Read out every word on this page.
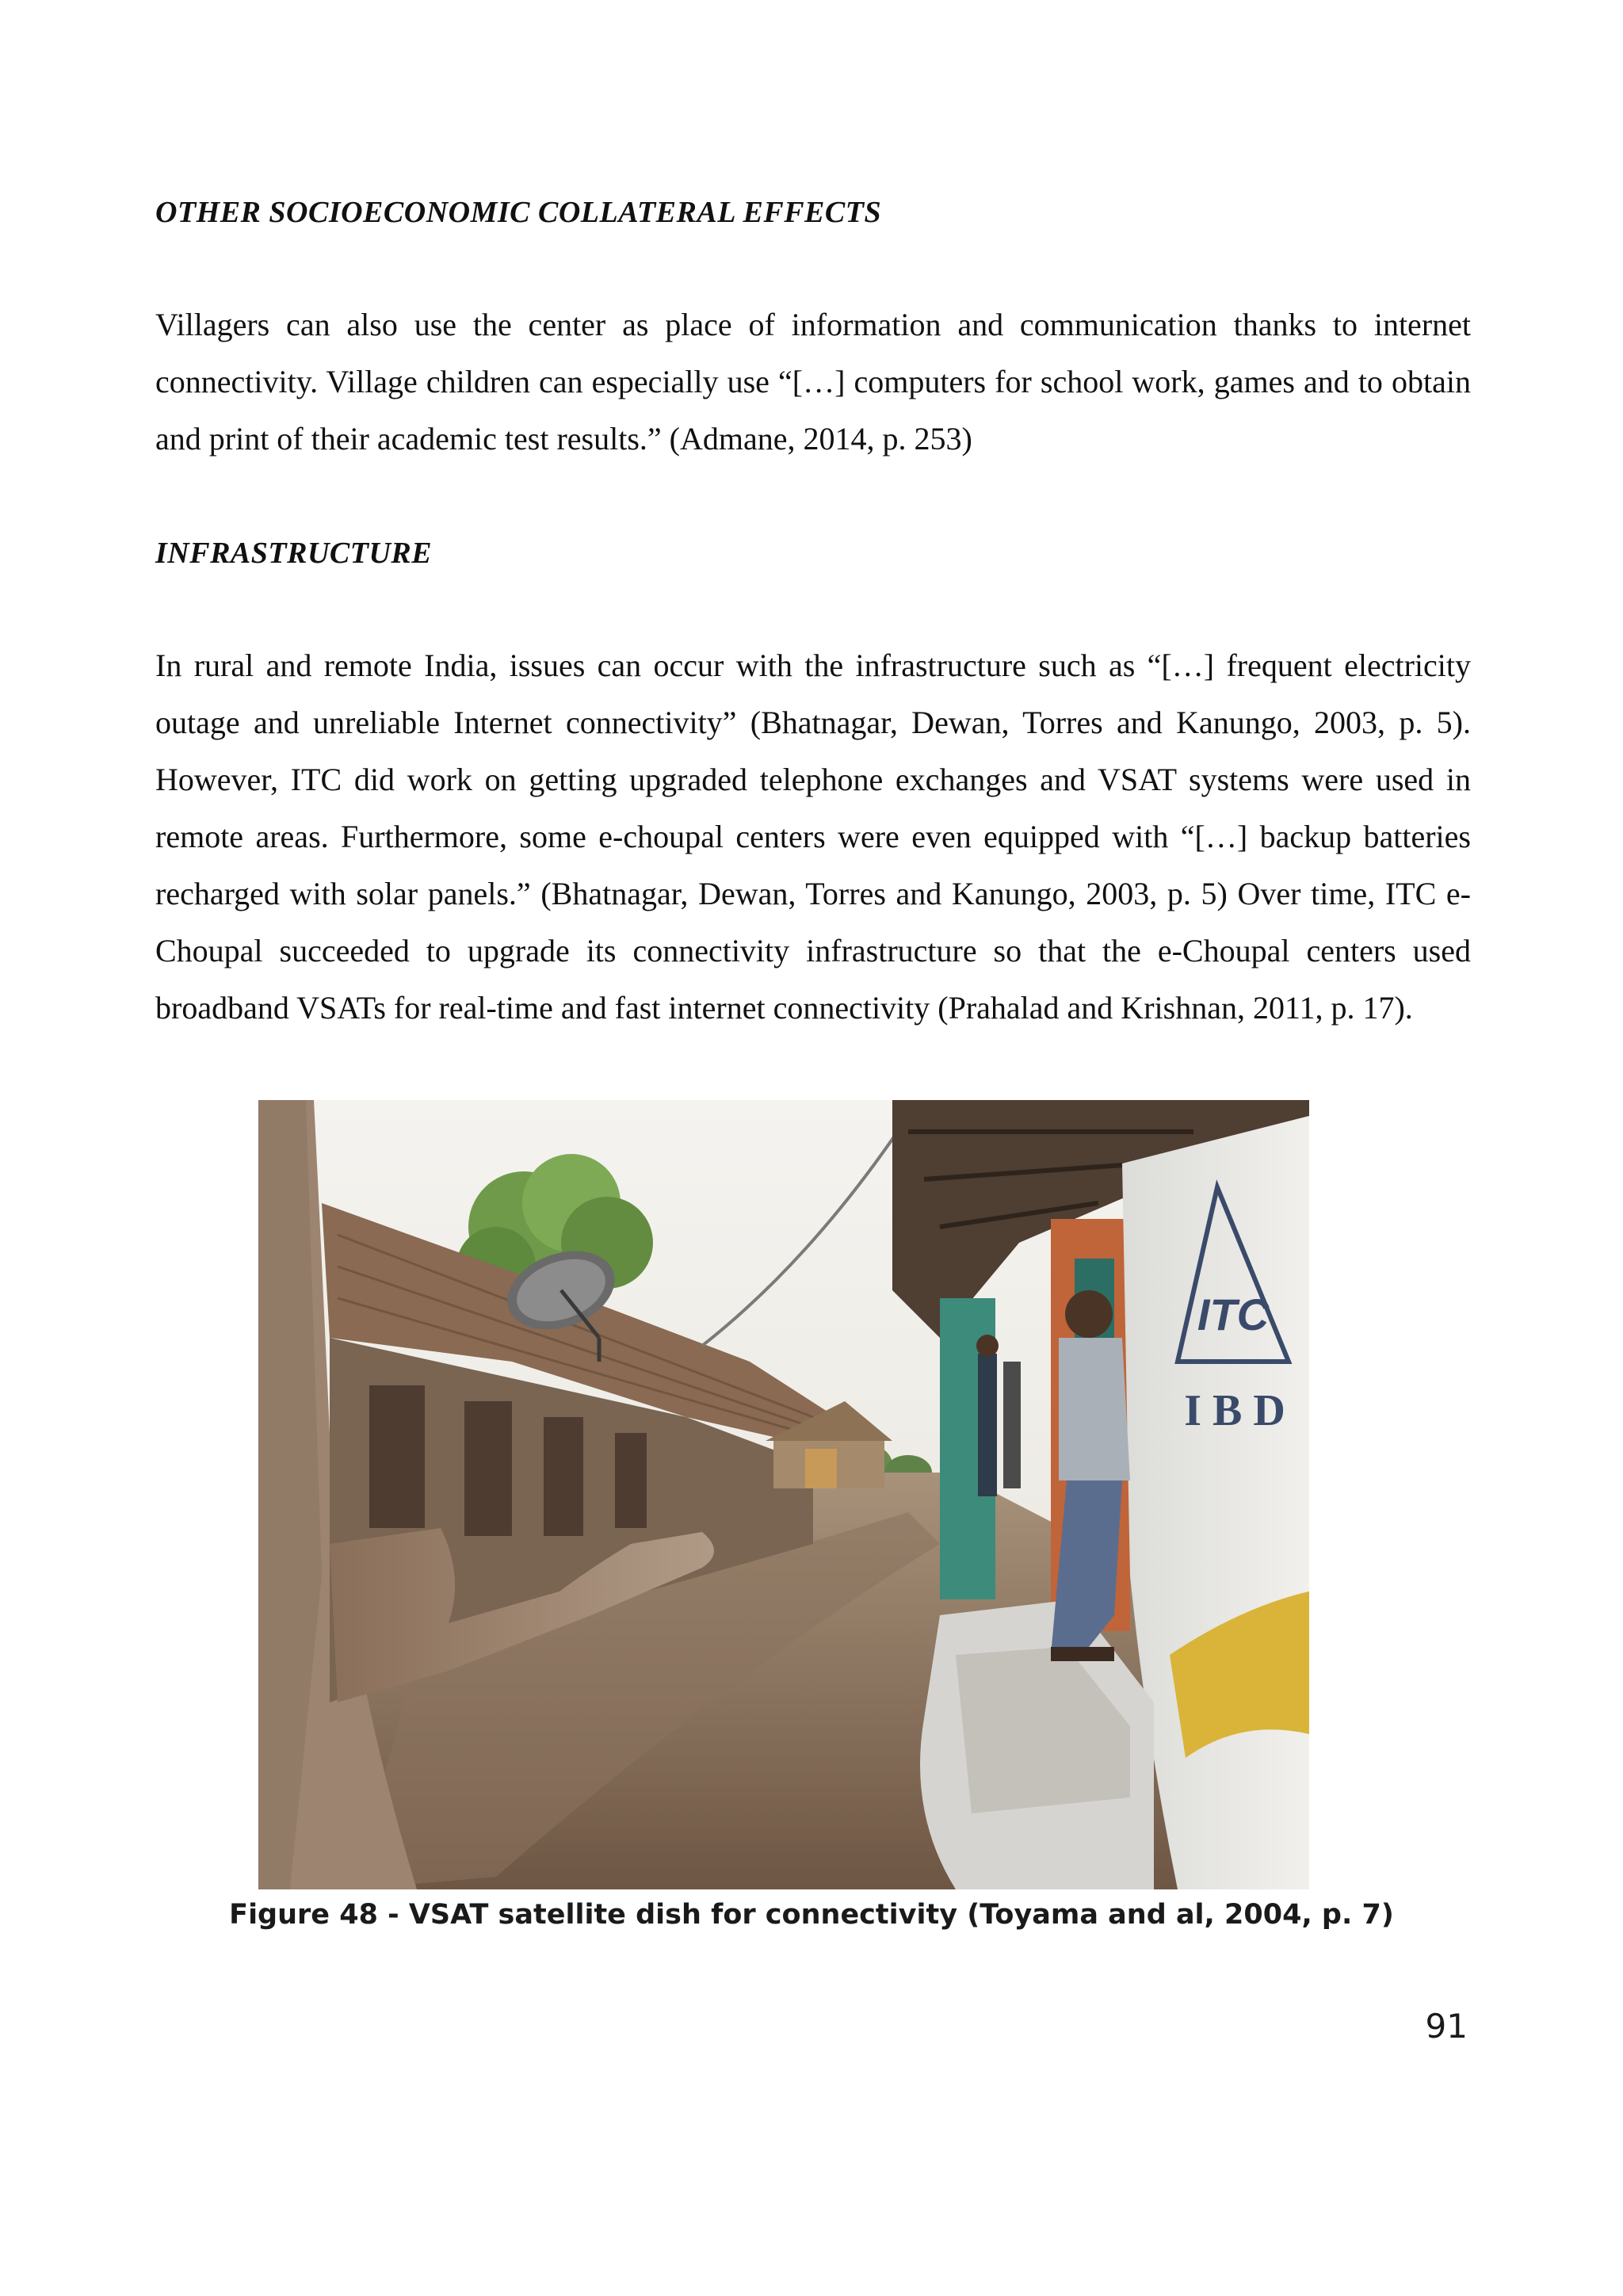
OTHER SOCIOECONOMIC COLLATERAL EFFECTS

Villagers can also use the center as place of information and communication thanks to internet connectivity. Village children can especially use “[…] computers for school work, games and to obtain and print of their academic test results.” (Admane, 2014, p. 253)

INFRASTRUCTURE

In rural and remote India, issues can occur with the infrastructure such as “[…] frequent electricity outage and unreliable Internet connectivity” (Bhatnagar, Dewan, Torres and Kanungo, 2003, p. 5). However, ITC did work on getting upgraded telephone exchanges and VSAT systems were used in remote areas. Furthermore, some e-choupal centers were even equipped with “[…] backup batteries recharged with solar panels.” (Bhatnagar, Dewan, Torres and Kanungo, 2003, p. 5) Over time, ITC e-Choupal succeeded to upgrade its connectivity infrastructure so that the e-Choupal centers used broadband VSATs for real-time and fast internet connectivity (Prahalad and Krishnan, 2011, p. 17).

ITC
I B D

Figure 48 - VSAT satellite dish for connectivity (Toyama and al, 2004, p. 7)

91
